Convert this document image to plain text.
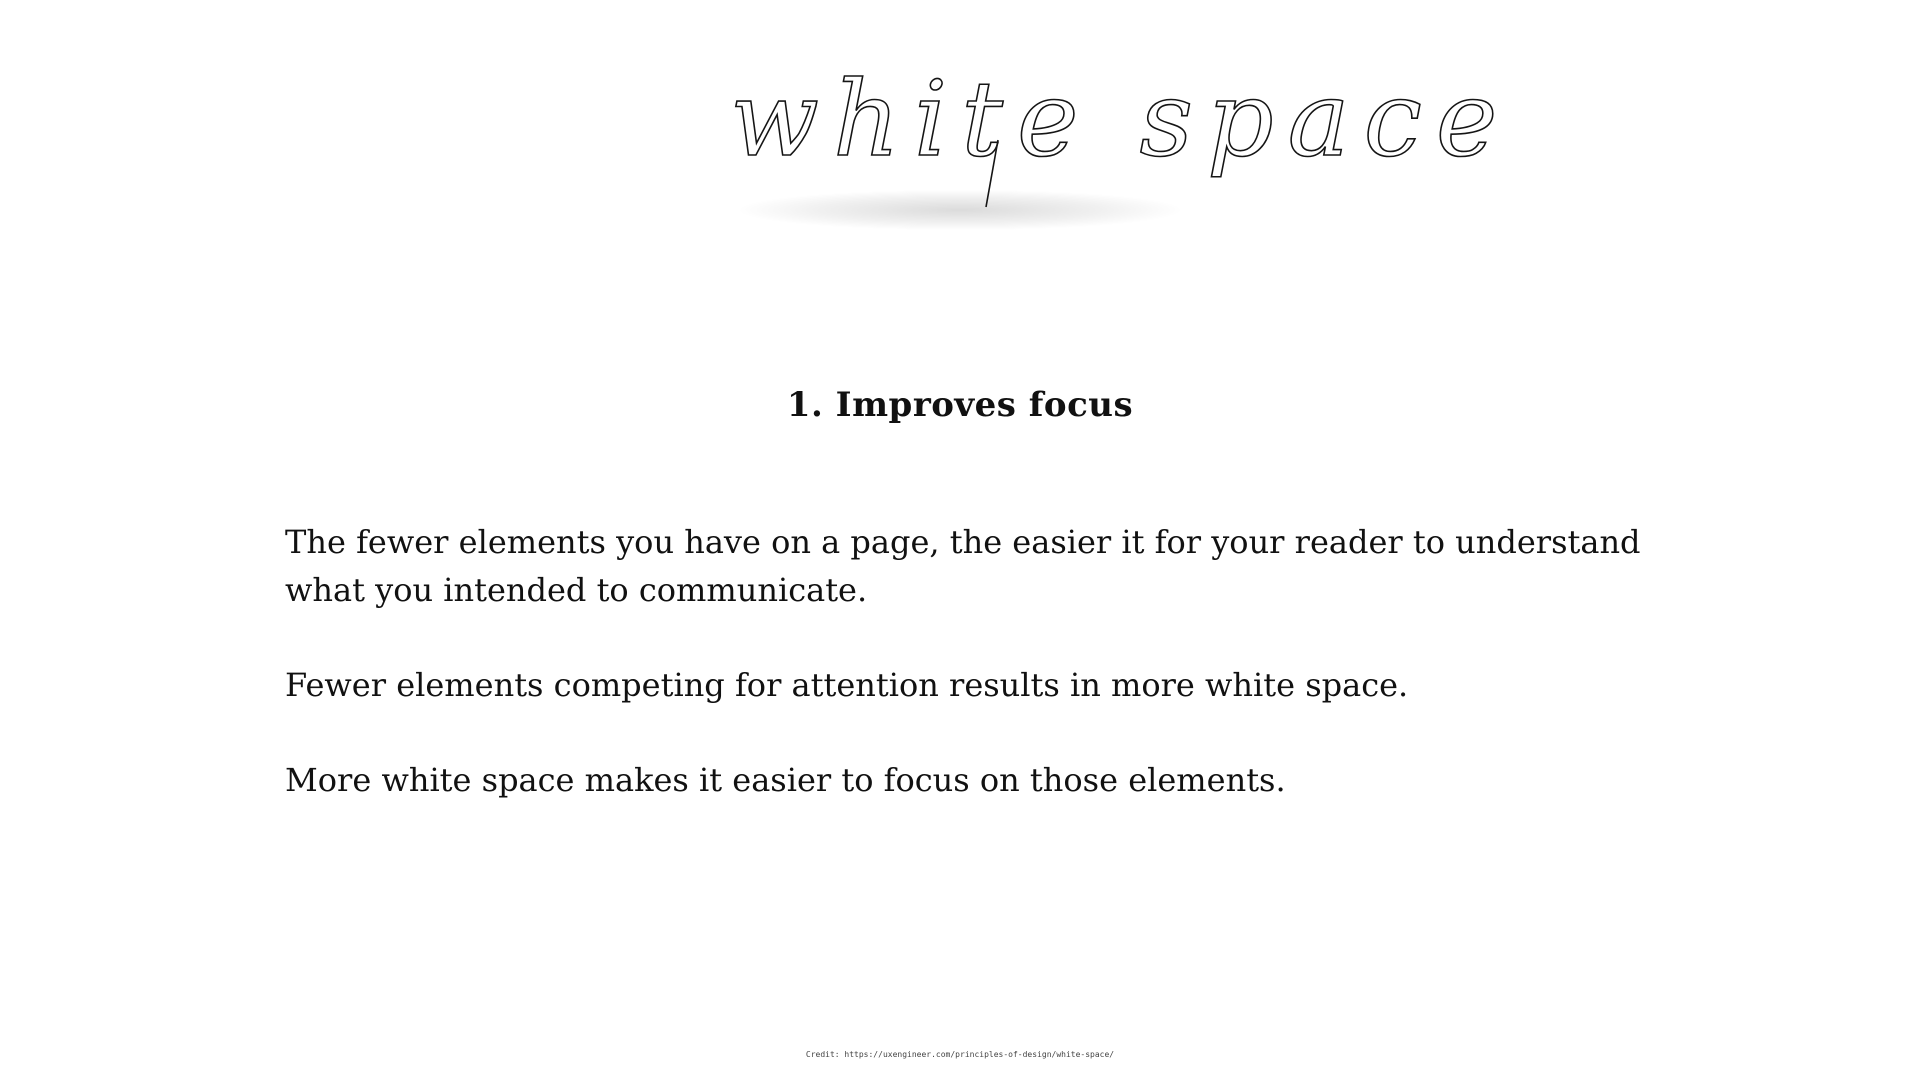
white space
1. Improves focus

The fewer elements you have on a page, the easier it for your reader to understand what you intended to communicate.

Fewer elements competing for attention results in more white space.

More white space makes it easier to focus on those elements.

Credit: https://uxengineer.com/principles-of-design/white-space/
